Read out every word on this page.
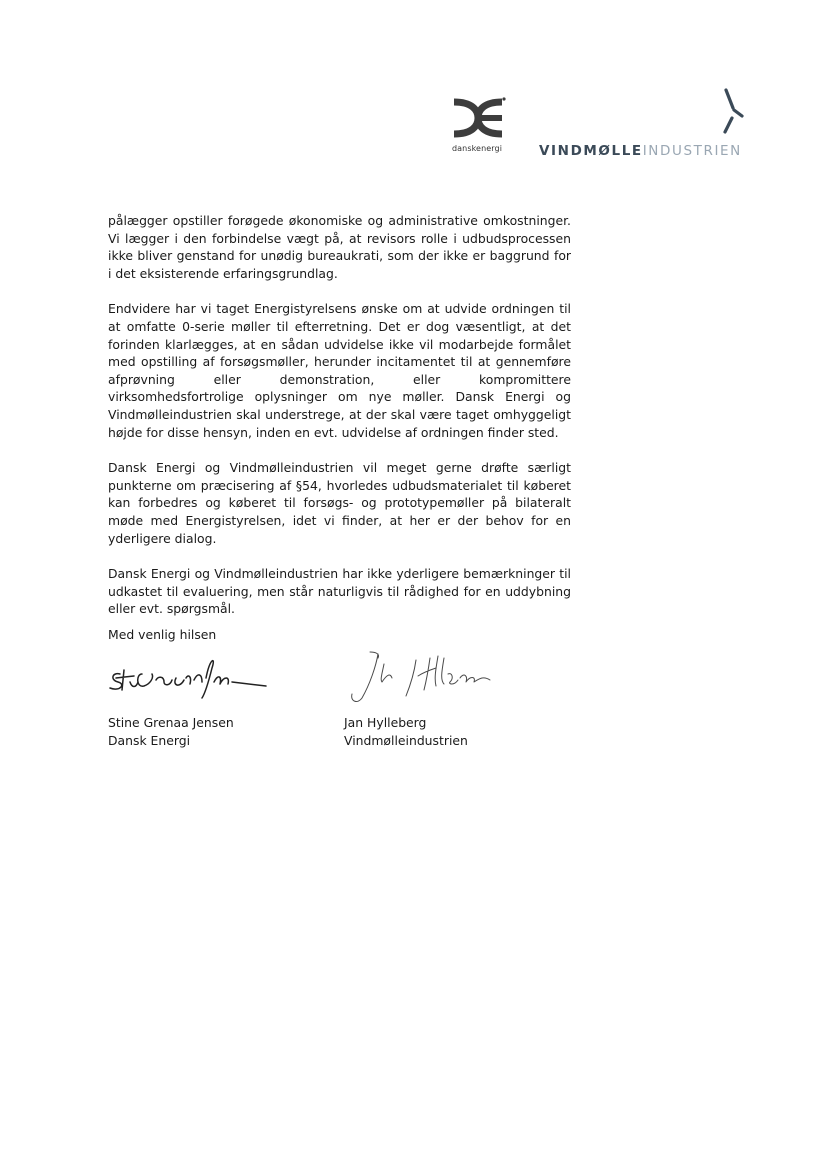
danskenergi	VINDMØLLEINDUSTRIEN

pålægger opstiller forøgede økonomiske og administrative omkostninger. Vi lægger i den forbindelse vægt på, at revisors rolle i udbudsprocessen ikke bliver genstand for unødig bureaukrati, som der ikke er baggrund for i det eksisterende erfaringsgrundlag.

Endvidere har vi taget Energistyrelsens ønske om at udvide ordningen til at omfatte 0-serie møller til efterretning. Det er dog væsentligt, at det forinden klarlægges, at en sådan udvidelse ikke vil modarbejde formålet med opstilling af forsøgsmøller, herunder incitamentet til at gennemføre afprøvning eller demonstration, eller kompromittere virksomhedsfortrolige oplysninger om nye møller. Dansk Energi og Vindmølleindustrien skal understrege, at der skal være taget omhyggeligt højde for disse hensyn, inden en evt. udvidelse af ordningen finder sted.

Dansk Energi og Vindmølleindustrien vil meget gerne drøfte særligt punkterne om præcisering af §54, hvorledes udbudsmaterialet til køberet kan forbedres og køberet til forsøgs- og prototypemøller på bilateralt møde med Energistyrelsen, idet vi finder, at her er der behov for en yderligere dialog.

Dansk Energi og Vindmølleindustrien har ikke yderligere bemærkninger til udkastet til evaluering, men står naturligvis til rådighed for en uddybning eller evt. spørgsmål.

Med venlig hilsen

Stine Grenaa Jensen
Dansk Energi
Jan Hylleberg
Vindmølleindustrien
